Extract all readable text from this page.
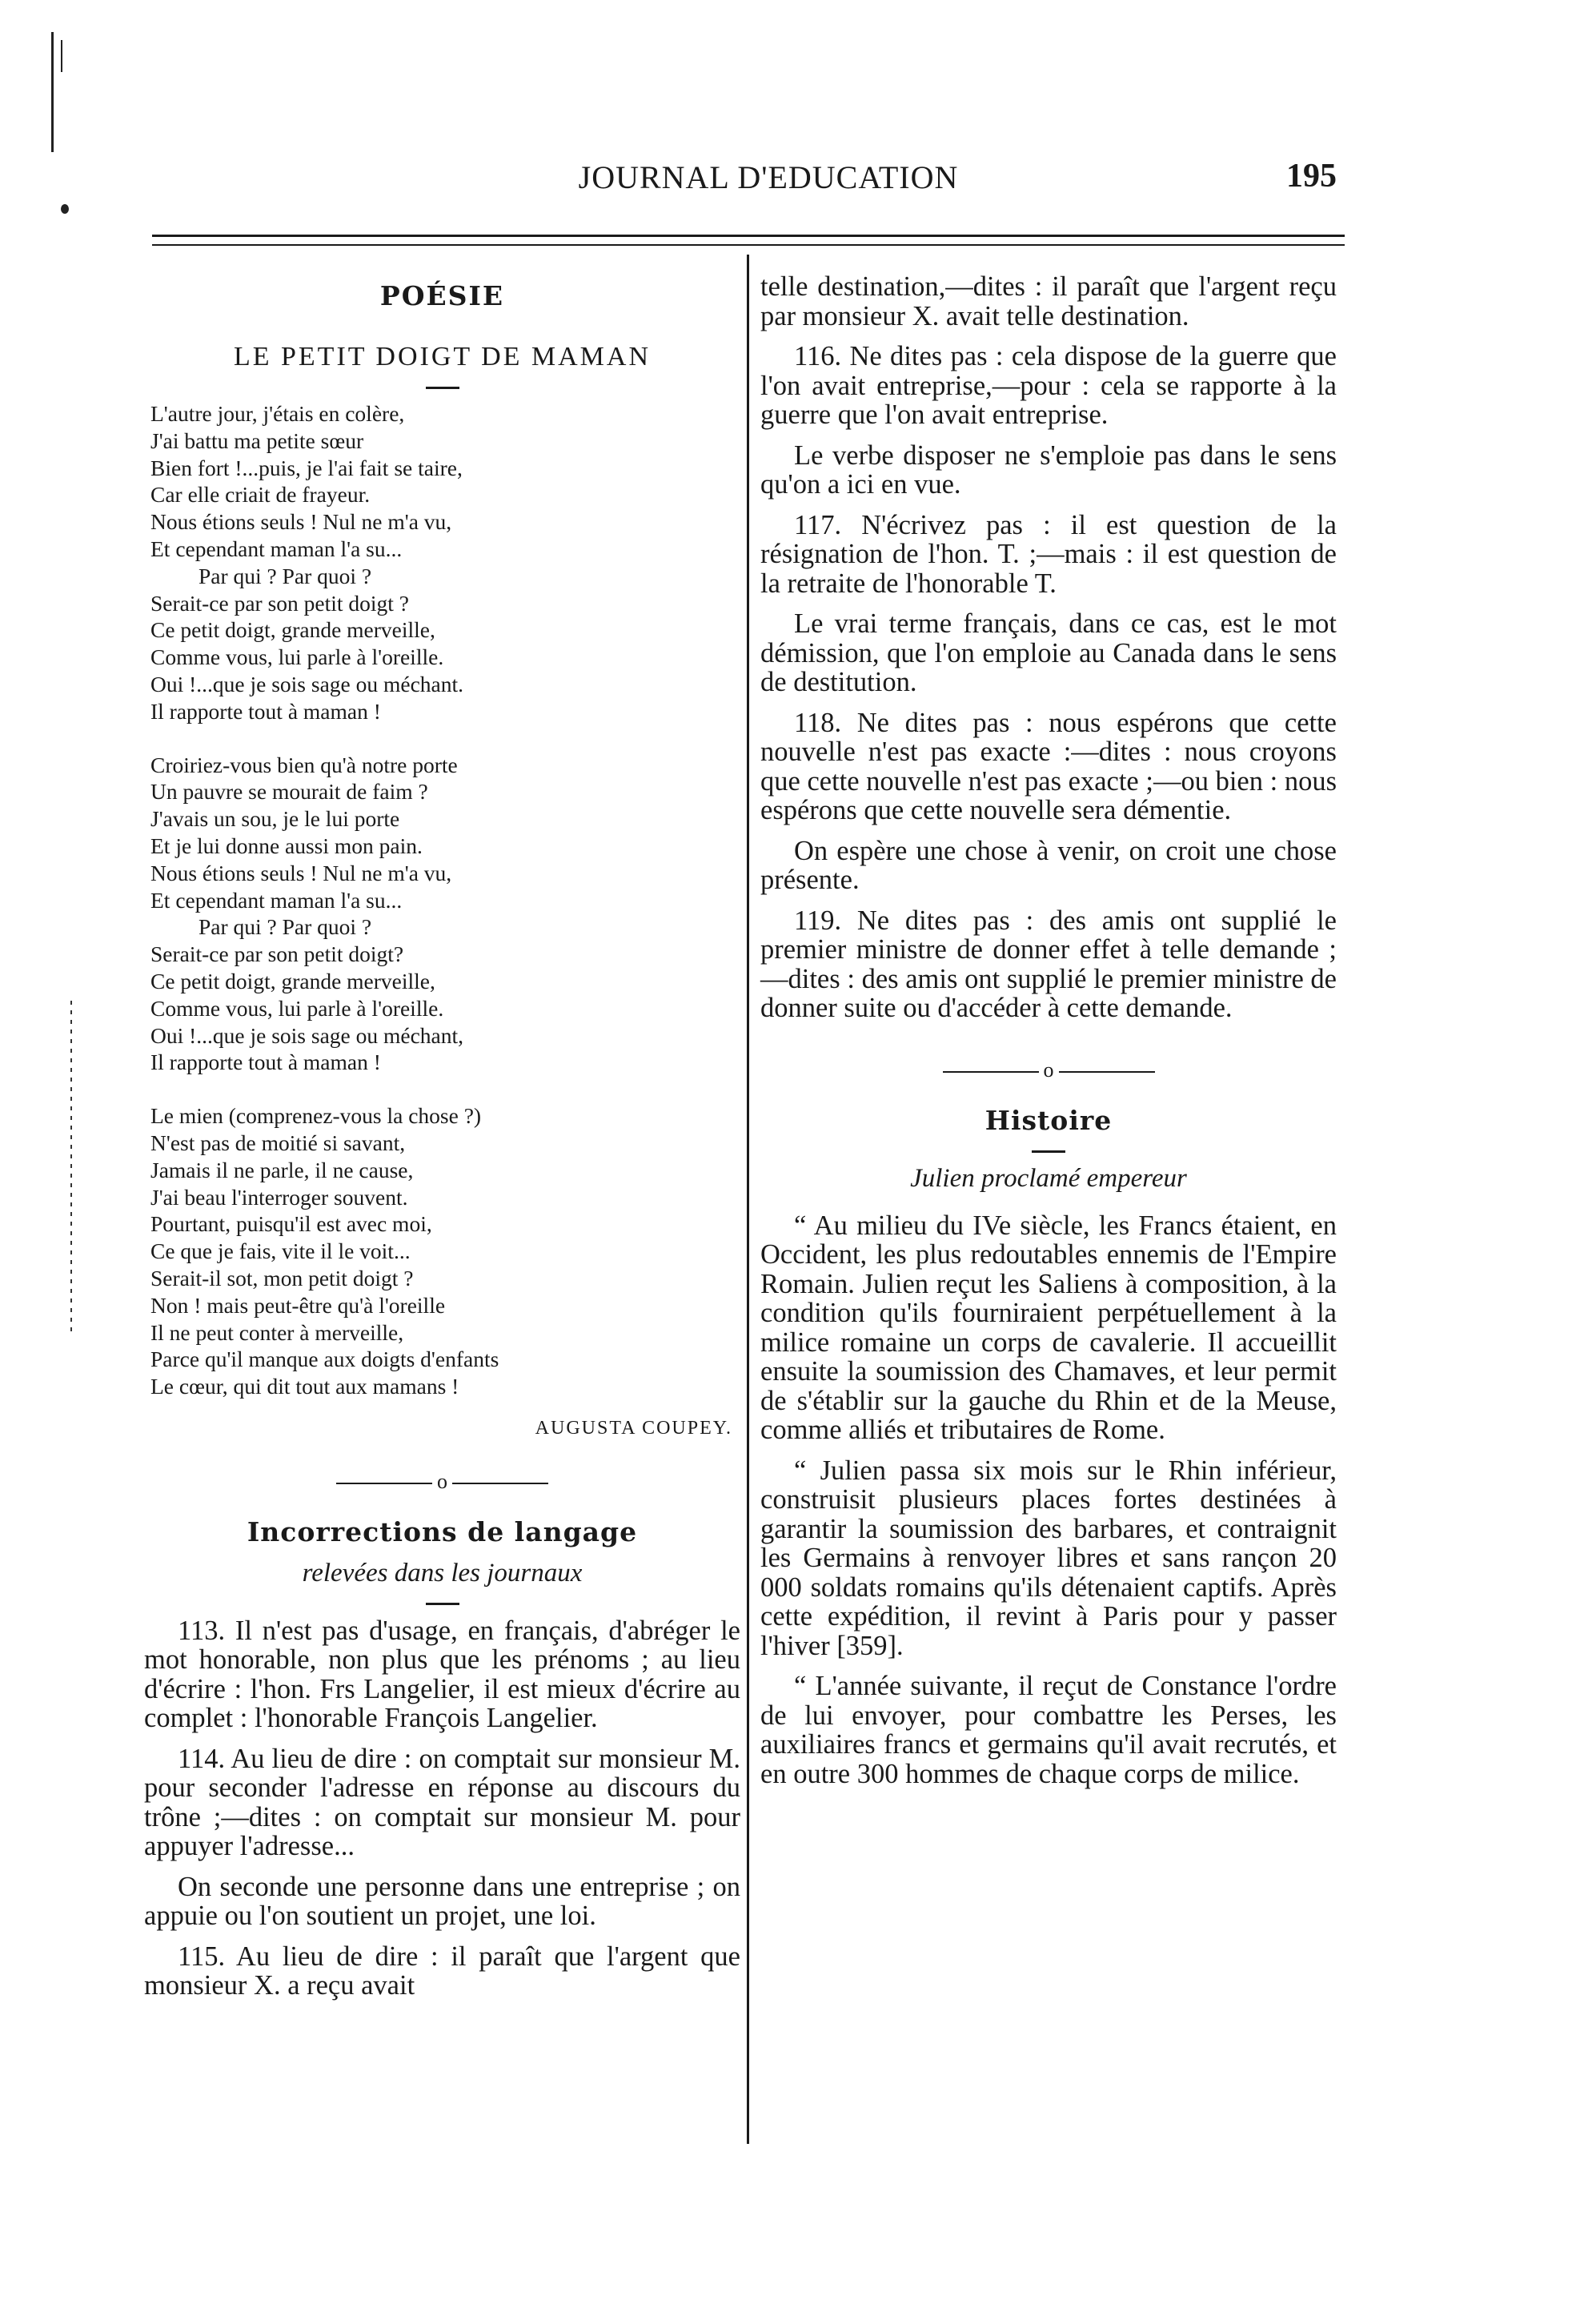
JOURNAL D'EDUCATION	195
POÉSIE
LE PETIT DOIGT DE MAMAN
L'autre jour, j'étais en colère,
J'ai battu ma petite sœur
Bien fort !...puis, je l'ai fait se taire,
Car elle criait de frayeur.
Nous étions seuls ! Nul ne m'a vu,
Et cependant maman l'a su...
Par qui ? Par quoi ?
Serait-ce par son petit doigt ?
Ce petit doigt, grande merveille,
Comme vous, lui parle à l'oreille.
Oui !...que je sois sage ou méchant.
Il rapporte tout à maman !
Croiriez-vous bien qu'à notre porte
Un pauvre se mourait de faim ?
J'avais un sou, je le lui porte
Et je lui donne aussi mon pain.
Nous étions seuls ! Nul ne m'a vu,
Et cependant maman l'a su...
Par qui ? Par quoi ?
Serait-ce par son petit doigt?
Ce petit doigt, grande merveille,
Comme vous, lui parle à l'oreille.
Oui !...que je sois sage ou méchant,
Il rapporte tout à maman !
Le mien (comprenez-vous la chose ?)
N'est pas de moitié si savant,
Jamais il ne parle, il ne cause,
J'ai beau l'interroger souvent.
Pourtant, puisqu'il est avec moi,
Ce que je fais, vite il le voit...
Serait-il sot, mon petit doigt ?
Non ! mais peut-être qu'à l'oreille
Il ne peut conter à merveille,
Parce qu'il manque aux doigts d'enfants
Le cœur, qui dit tout aux mamans !
AUGUSTA COUPEY.
o
Incorrections de langage
relevées dans les journaux

113. Il n'est pas d'usage, en français, d'abréger le mot honorable, non plus que les prénoms ; au lieu d'écrire : l'hon. Frs Langelier, il est mieux d'écrire au complet : l'honorable François Langelier.

114. Au lieu de dire : on comptait sur monsieur M. pour seconder l'adresse en réponse au discours du trône ;—dites : on comptait sur monsieur M. pour appuyer l'adresse...

On seconde une personne dans une entreprise ; on appuie ou l'on soutient un projet, une loi.

115. Au lieu de dire : il paraît que l'argent que monsieur X. a reçu avait

telle destination,—dites : il paraît que l'argent reçu par monsieur X. avait telle destination.

116. Ne dites pas : cela dispose de la guerre que l'on avait entreprise,—pour : cela se rapporte à la guerre que l'on avait entreprise.

Le verbe disposer ne s'emploie pas dans le sens qu'on a ici en vue.

117. N'écrivez pas : il est question de la résignation de l'hon. T. ;—mais : il est question de la retraite de l'honorable T.

Le vrai terme français, dans ce cas, est le mot démission, que l'on emploie au Canada dans le sens de destitution.

118. Ne dites pas : nous espérons que cette nouvelle n'est pas exacte :—dites : nous croyons que cette nouvelle n'est pas exacte ;—ou bien : nous espérons que cette nouvelle sera démentie.

On espère une chose à venir, on croit une chose présente.

119. Ne dites pas : des amis ont supplié le premier ministre de donner effet à telle demande ;—dites : des amis ont supplié le premier ministre de donner suite ou d'accéder à cette demande.

o
Histoire
Julien proclamé empereur

“ Au milieu du IVe siècle, les Francs étaient, en Occident, les plus redoutables ennemis de l'Empire Romain. Julien reçut les Saliens à composition, à la condition qu'ils fourniraient perpétuellement à la milice romaine un corps de cavalerie. Il accueillit ensuite la soumission des Chamaves, et leur permit de s'établir sur la gauche du Rhin et de la Meuse, comme alliés et tributaires de Rome.

“ Julien passa six mois sur le Rhin inférieur, construisit plusieurs places fortes destinées à garantir la soumission des barbares, et contraignit les Germains à renvoyer libres et sans rançon 20 000 soldats romains qu'ils détenaient captifs. Après cette expédition, il revint à Paris pour y passer l'hiver [359].

“ L'année suivante, il reçut de Constance l'ordre de lui envoyer, pour combattre les Perses, les auxiliaires francs et germains qu'il avait recrutés, et en outre 300 hommes de chaque corps de milice.
